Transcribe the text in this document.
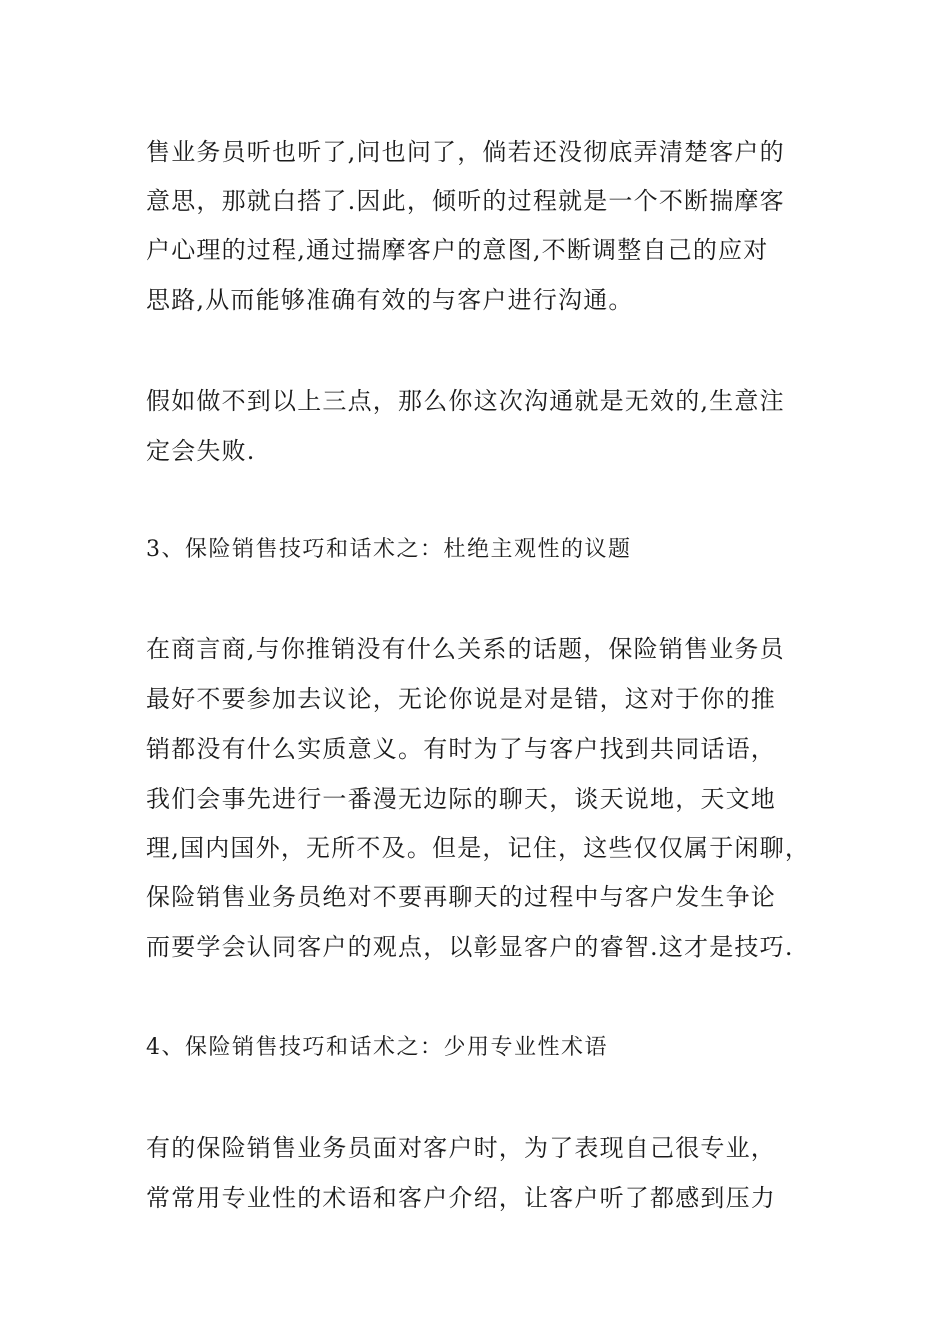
售业务员听也听了,问也问了，倘若还没彻底弄清楚客户的
意思，那就白搭了.因此，倾听的过程就是一个不断揣摩客
户心理的过程,通过揣摩客户的意图,不断调整自己的应对
思路,从而能够准确有效的与客户进行沟通。
假如做不到以上三点，那么你这次沟通就是无效的,生意注
定会失败.
3、保险销售技巧和话术之：杜绝主观性的议题
在商言商,与你推销没有什么关系的话题，保险销售业务员
最好不要参加去议论，无论你说是对是错，这对于你的推
销都没有什么实质意义。有时为了与客户找到共同话语，
我们会事先进行一番漫无边际的聊天，谈天说地，天文地
理,国内国外，无所不及。但是，记住，这些仅仅属于闲聊，
保险销售业务员绝对不要再聊天的过程中与客户发生争论
而要学会认同客户的观点，以彰显客户的睿智.这才是技巧.
4、保险销售技巧和话术之：少用专业性术语
有的保险销售业务员面对客户时，为了表现自己很专业，
常常用专业性的术语和客户介绍，让客户听了都感到压力
